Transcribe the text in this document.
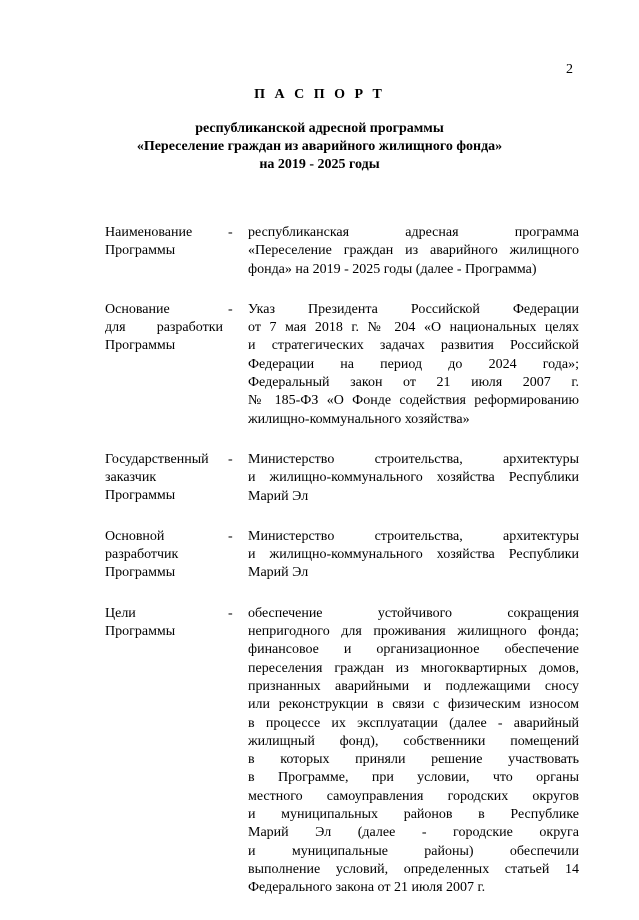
2
П А С П О Р Т
республиканской адресной программы
«Переселение граждан из аварийного жилищного фонда»
на 2019 - 2025 годы
Наименование
Программы
- республиканская адресная программа
«Переселение граждан из аварийного жилищного
фонда» на 2019 - 2025 годы (далее - Программа)
Основание
для разработки
Программы
- Указ Президента Российской Федерации
от 7 мая 2018 г. № 204 «О национальных целях
и стратегических задачах развития Российской
Федерации на период до 2024 года»;
Федеральный закон от 21 июля 2007 г.
№ 185-ФЗ «О Фонде содействия реформированию
жилищно-коммунального хозяйства»
Государственный
заказчик
Программы
- Министерство строительства, архитектуры
и жилищно-коммунального хозяйства Республики
Марий Эл
Основной
разработчик
Программы
- Министерство строительства, архитектуры
и жилищно-коммунального хозяйства Республики
Марий Эл
Цели
Программы
- обеспечение устойчивого сокращения
непригодного для проживания жилищного фонда;
финансовое и организационное обеспечение
переселения граждан из многоквартирных домов,
признанных аварийными и подлежащими сносу
или реконструкции в связи с физическим износом
в процессе их эксплуатации (далее - аварийный
жилищный фонд), собственники помещений
в которых приняли решение участвовать
в Программе, при условии, что органы
местного самоуправления городских округов
и муниципальных районов в Республике
Марий Эл (далее - городские округа
и муниципальные районы) обеспечили
выполнение условий, определенных статьей 14
Федерального закона от 21 июля 2007 г.
